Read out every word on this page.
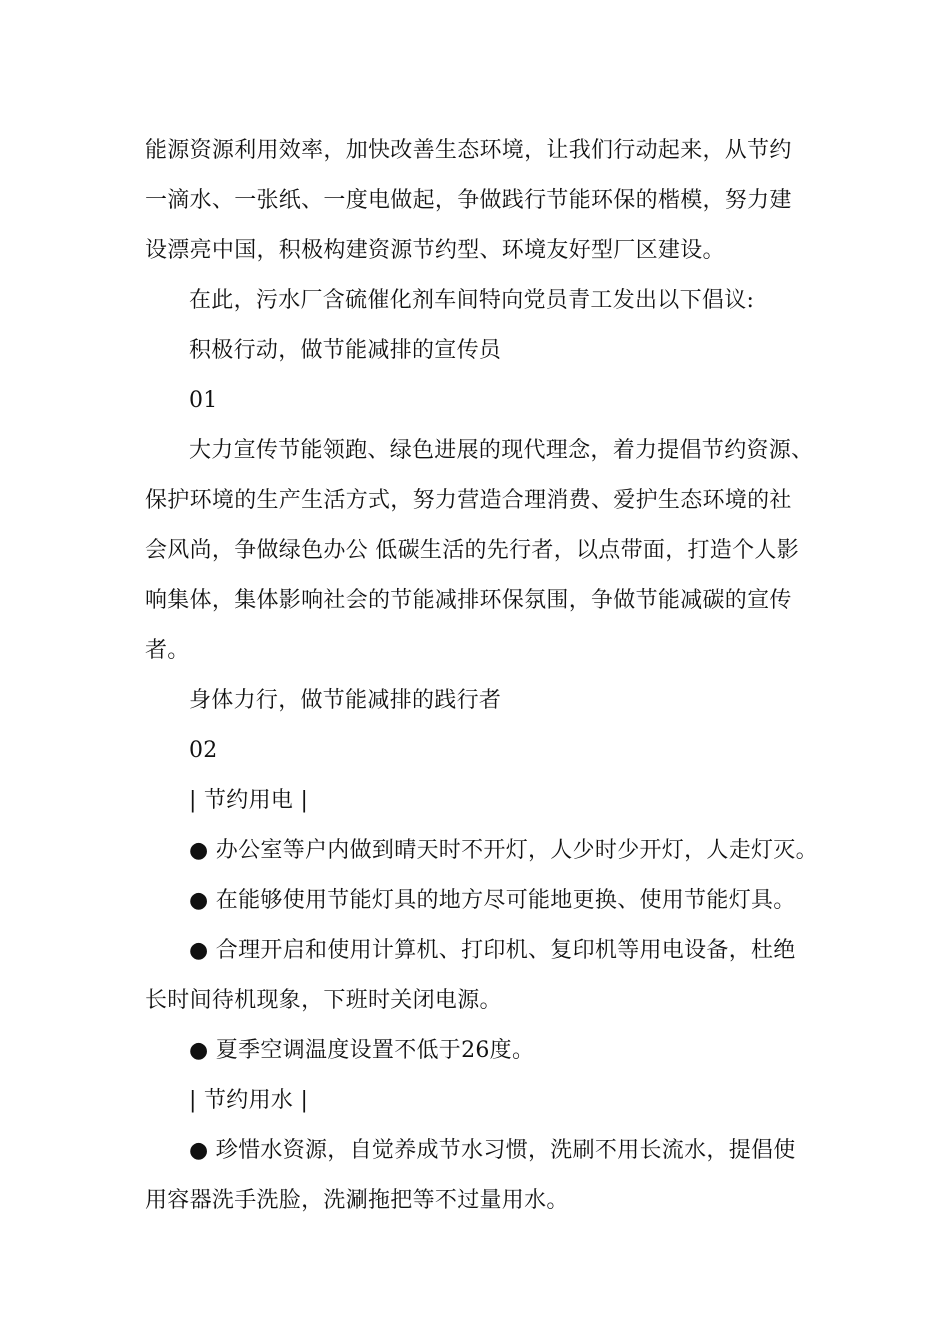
能源资源利用效率，加快改善生态环境，让我们行动起来，从节约
一滴水、一张纸、一度电做起，争做践行节能环保的楷模，努力建
设漂亮中国，积极构建资源节约型、环境友好型厂区建设。
在此，污水厂含硫催化剂车间特向党员青工发出以下倡议:
积极行动，做节能减排的宣传员
01
大力宣传节能领跑、绿色进展的现代理念，着力提倡节约资源、
保护环境的生产生活方式，努力营造合理消费、爱护生态环境的社
会风尚，争做绿色办公 低碳生活的先行者，以点带面，打造个人影
响集体，集体影响社会的节能减排环保氛围，争做节能减碳的宣传
者。
身体力行，做节能减排的践行者
02
| 节约用电 |
● 办公室等户内做到晴天时不开灯，人少时少开灯，人走灯灭。
● 在能够使用节能灯具的地方尽可能地更换、使用节能灯具。
● 合理开启和使用计算机、打印机、复印机等用电设备，杜绝
长时间待机现象，下班时关闭电源。
● 夏季空调温度设置不低于26度。
| 节约用水 |
● 珍惜水资源，自觉养成节水习惯，洗刷不用长流水，提倡使
用容器洗手洗脸，洗涮拖把等不过量用水。
